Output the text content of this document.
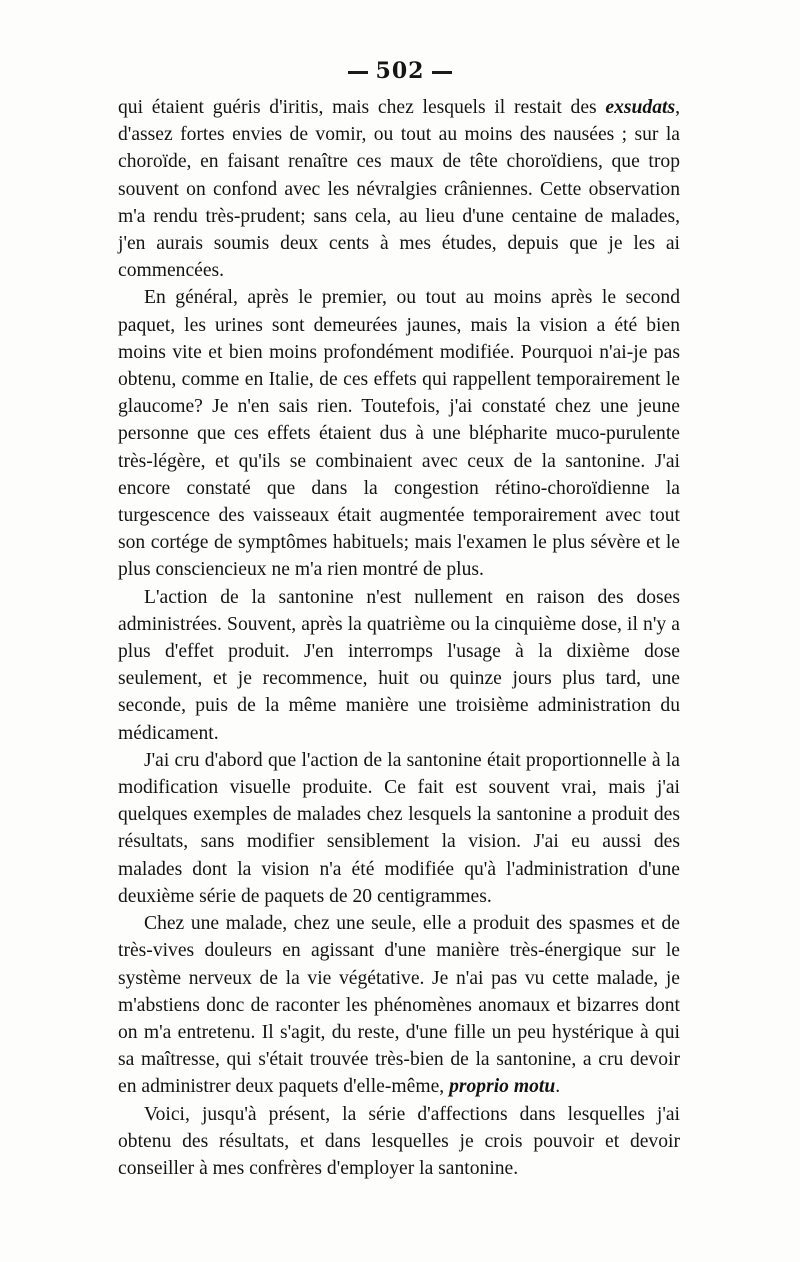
502

qui étaient guéris d'iritis, mais chez lesquels il restait des exsudats, d'assez fortes envies de vomir, ou tout au moins des nausées ; sur la choroïde, en faisant renaître ces maux de tête choroïdiens, que trop souvent on confond avec les névralgies crâniennes. Cette observation m'a rendu très-prudent; sans cela, au lieu d'une centaine de malades, j'en aurais soumis deux cents à mes études, depuis que je les ai commencées.

En général, après le premier, ou tout au moins après le second paquet, les urines sont demeurées jaunes, mais la vision a été bien moins vite et bien moins profondément modifiée. Pourquoi n'ai-je pas obtenu, comme en Italie, de ces effets qui rappellent temporairement le glaucome? Je n'en sais rien. Toutefois, j'ai constaté chez une jeune personne que ces effets étaient dus à une blépharite muco-purulente très-légère, et qu'ils se combinaient avec ceux de la santonine. J'ai encore constaté que dans la congestion rétino-choroïdienne la turgescence des vaisseaux était augmentée temporairement avec tout son cortége de symptômes habituels; mais l'examen le plus sévère et le plus consciencieux ne m'a rien montré de plus.

L'action de la santonine n'est nullement en raison des doses administrées. Souvent, après la quatrième ou la cinquième dose, il n'y a plus d'effet produit. J'en interromps l'usage à la dixième dose seulement, et je recommence, huit ou quinze jours plus tard, une seconde, puis de la même manière une troisième administration du médicament.

J'ai cru d'abord que l'action de la santonine était proportionnelle à la modification visuelle produite. Ce fait est souvent vrai, mais j'ai quelques exemples de malades chez lesquels la santonine a produit des résultats, sans modifier sensiblement la vision. J'ai eu aussi des malades dont la vision n'a été modifiée qu'à l'administration d'une deuxième série de paquets de 20 centigrammes.

Chez une malade, chez une seule, elle a produit des spasmes et de très-vives douleurs en agissant d'une manière très-énergique sur le système nerveux de la vie végétative. Je n'ai pas vu cette malade, je m'abstiens donc de raconter les phénomènes anomaux et bizarres dont on m'a entretenu. Il s'agit, du reste, d'une fille un peu hystérique à qui sa maîtresse, qui s'était trouvée très-bien de la santonine, a cru devoir en administrer deux paquets d'elle-même, proprio motu.

Voici, jusqu'à présent, la série d'affections dans lesquelles j'ai obtenu des résultats, et dans lesquelles je crois pouvoir et devoir conseiller à mes confrères d'employer la santonine.
